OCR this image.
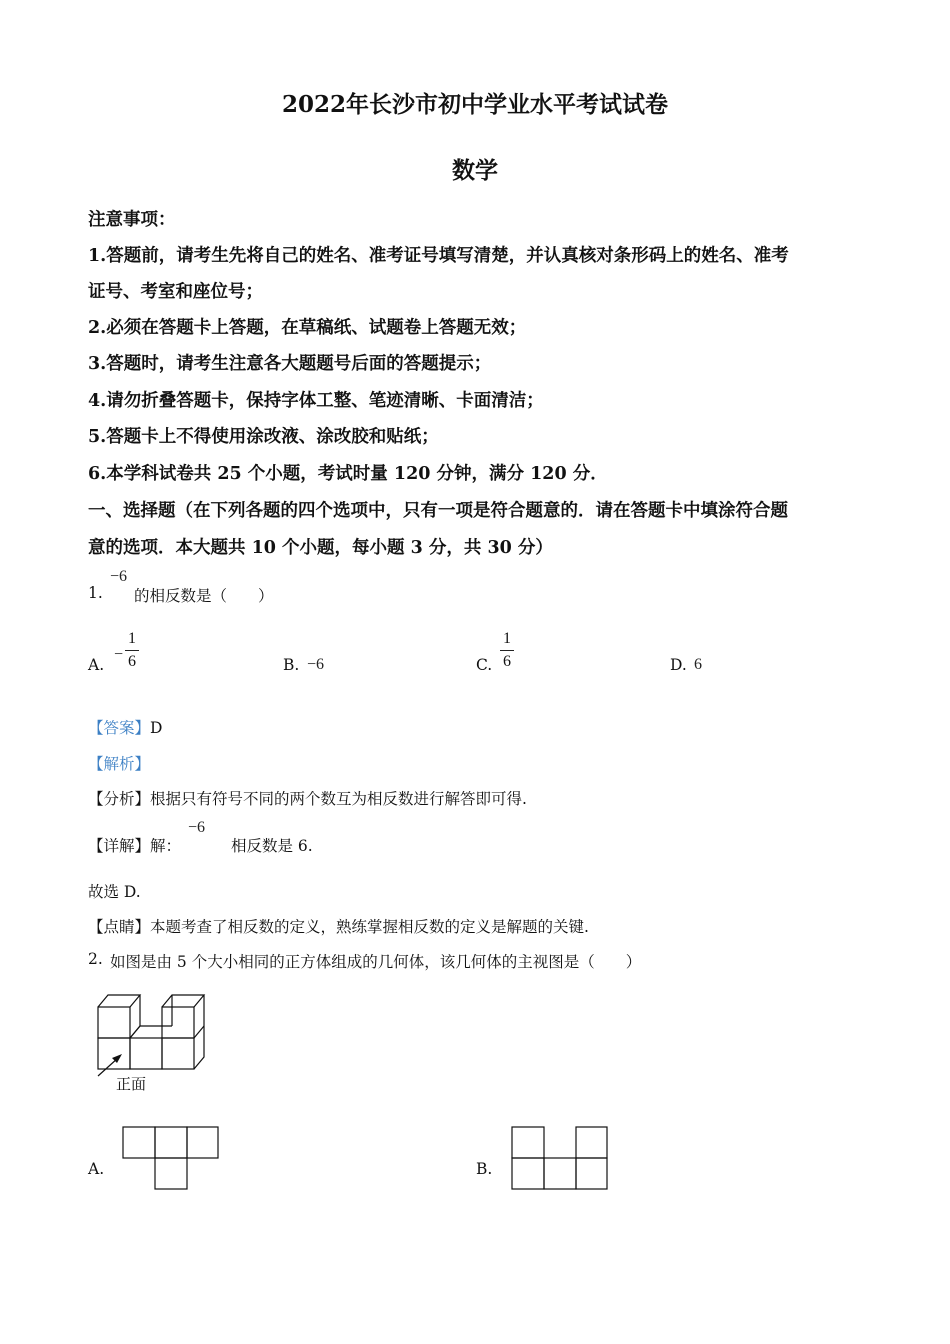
2022年长沙市初中学业水平考试试卷
数学
注意事项：
1.答题前，请考生先将自己的姓名、准考证号填写清楚，并认真核对条形码上的姓名、准考
证号、考室和座位号；
2.必须在答题卡上答题，在草稿纸、试题卷上答题无效；
3.答题时，请考生注意各大题题号后面的答题提示；
4.请勿折叠答题卡，保持字体工整、笔迹清晰、卡面清洁；
5.答题卡上不得使用涂改液、涂改胶和贴纸；
6.本学科试卷共 25 个小题，考试时量 120 分钟，满分 120 分．
一、选择题（在下列各题的四个选项中，只有一项是符合题意的．请在答题卡中填涂符合题
意的选项．本大题共 10 个小题，每小题 3 分，共 30 分）
1.
−6
的相反数是（　　）
A.
−
1
6	B. −6	C.
1
6	D. 6
【答案】D
【解析】
【分析】根据只有符号不同的两个数互为相反数进行解答即可得.
【详解】 解：
−6
相反数是 6.
故选 D.
【点睛】本题考查了相反数的定义，熟练掌握相反数的定义是解题的关键.
2. 如图是由 5 个大小相同的正方体组成的几何体，该几何体的主视图是（　　）
正面
A.	B.
